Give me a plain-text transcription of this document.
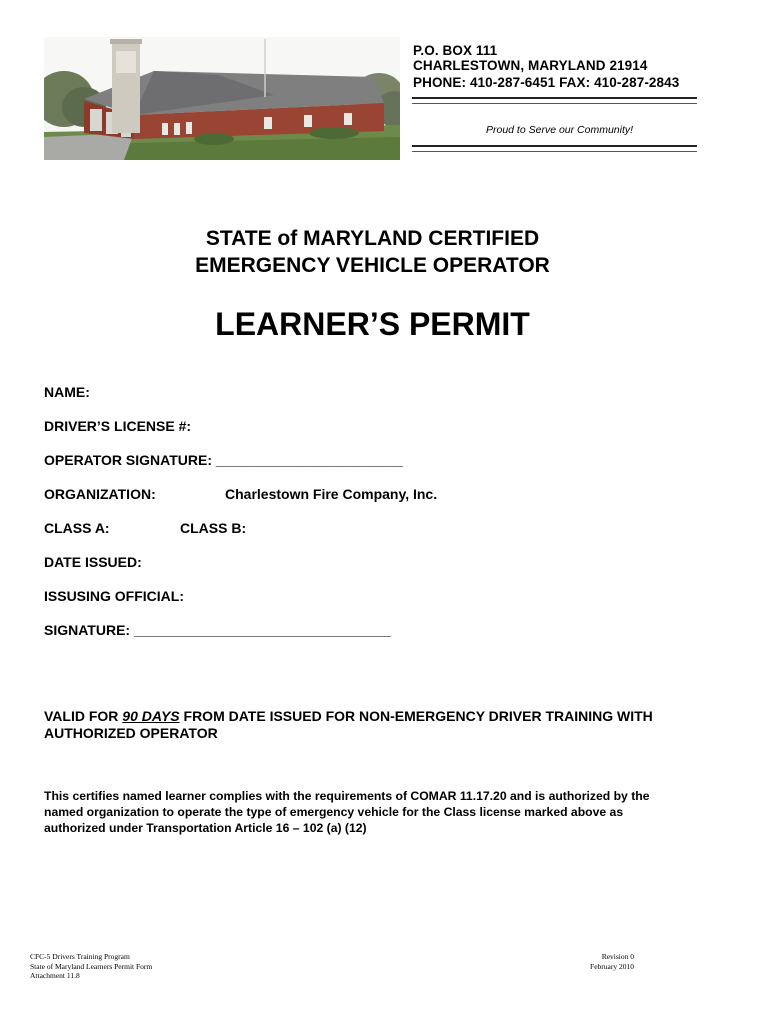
P.O. BOX 111
CHARLESTOWN, MARYLAND 21914
PHONE: 410-287-6451 FAX: 410-287-2843
Proud to Serve our Community!
STATE of MARYLAND CERTIFIED
EMERGENCY VEHICLE OPERATOR
LEARNER’S PERMIT
NAME:
DRIVER’S LICENSE #:
OPERATOR SIGNATURE: ________________________
ORGANIZATION:	Charlestown Fire Company, Inc.
CLASS A:	CLASS B:
DATE ISSUED:
ISSUSING OFFICIAL:
SIGNATURE: _________________________________
VALID FOR 90 DAYS FROM DATE ISSUED FOR NON-EMERGENCY DRIVER TRAINING WITH
AUTHORIZED OPERATOR
This certifies named learner complies with the requirements of COMAR 11.17.20 and is authorized by the
named organization to operate the type of emergency vehicle for the Class license marked above as
authorized under Transportation Article 16 – 102 (a) (12)
CFC-5 Drivers Training Program
State of Maryland Learners Permit Form
Attachment 11.8
Revision 0
February 2010
